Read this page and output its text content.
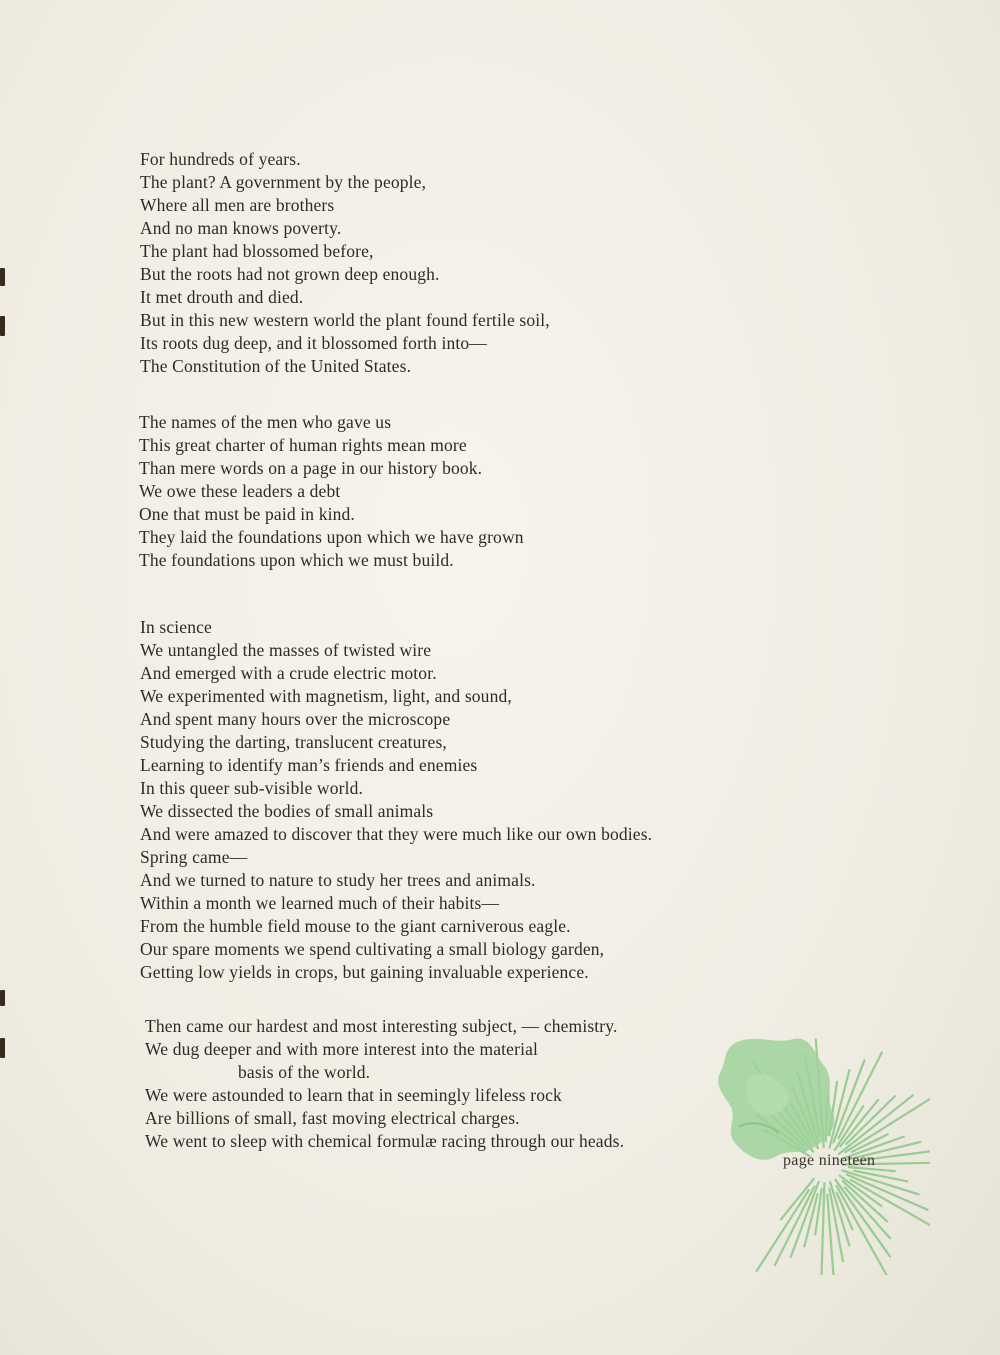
For hundreds of years.
The plant? A government by the people,
Where all men are brothers
And no man knows poverty.
The plant had blossomed before,
But the roots had not grown deep enough.
It met drouth and died.
But in this new western world the plant found fertile soil,
Its roots dug deep, and it blossomed forth into—
The Constitution of the United States.
The names of the men who gave us
This great charter of human rights mean more
Than mere words on a page in our history book.
We owe these leaders a debt
One that must be paid in kind.
They laid the foundations upon which we have grown
The foundations upon which we must build.
In science
We untangled the masses of twisted wire
And emerged with a crude electric motor.
We experimented with magnetism, light, and sound,
And spent many hours over the microscope
Studying the darting, translucent creatures,
Learning to identify man’s friends and enemies
In this queer sub-visible world.
We dissected the bodies of small animals
And were amazed to discover that they were much like our own bodies.
Spring came—
And we turned to nature to study her trees and animals.
Within a month we learned much of their habits—
From the humble field mouse to the giant carniverous eagle.
Our spare moments we spend cultivating a small biology garden,
Getting low yields in crops, but gaining invaluable experience.
Then came our hardest and most interesting subject, — chemistry.
We dug deeper and with more interest into the material
basis of the world.
We were astounded to learn that in seemingly lifeless rock
Are billions of small, fast moving electrical charges.
We went to sleep with chemical formulæ racing through our heads.
page nineteen
